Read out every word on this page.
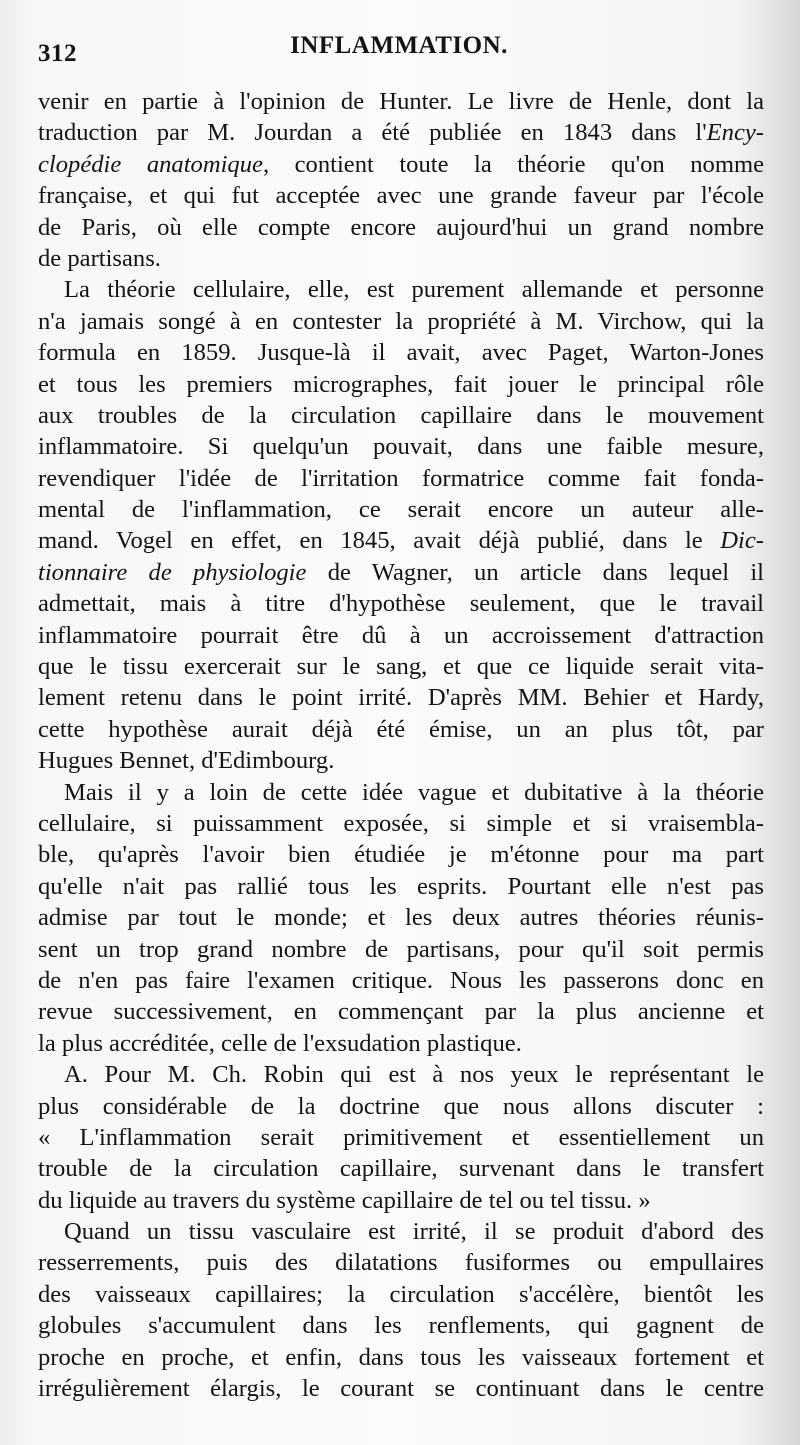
312	INFLAMMATION.
venir en partie à l'opinion de Hunter. Le livre de Henle, dont la
traduction par M. Jourdan a été publiée en 1843 dans l'Ency-
clopédie anatomique, contient toute la théorie qu'on nomme
française, et qui fut acceptée avec une grande faveur par l'école
de Paris, où elle compte encore aujourd'hui un grand nombre
de partisans.
La théorie cellulaire, elle, est purement allemande et personne
n'a jamais songé à en contester la propriété à M. Virchow, qui la
formula en 1859. Jusque-là il avait, avec Paget, Warton-Jones
et tous les premiers micrographes, fait jouer le principal rôle
aux troubles de la circulation capillaire dans le mouvement
inflammatoire. Si quelqu'un pouvait, dans une faible mesure,
revendiquer l'idée de l'irritation formatrice comme fait fonda-
mental de l'inflammation, ce serait encore un auteur alle-
mand. Vogel en effet, en 1845, avait déjà publié, dans le Dic-
tionnaire de physiologie de Wagner, un article dans lequel il
admettait, mais à titre d'hypothèse seulement, que le travail
inflammatoire pourrait être dû à un accroissement d'attraction
que le tissu exercerait sur le sang, et que ce liquide serait vita-
lement retenu dans le point irrité. D'après MM. Behier et Hardy,
cette hypothèse aurait déjà été émise, un an plus tôt, par
Hugues Bennet, d'Edimbourg.
Mais il y a loin de cette idée vague et dubitative à la théorie
cellulaire, si puissamment exposée, si simple et si vraisembla-
ble, qu'après l'avoir bien étudiée je m'étonne pour ma part
qu'elle n'ait pas rallié tous les esprits. Pourtant elle n'est pas
admise par tout le monde; et les deux autres théories réunis-
sent un trop grand nombre de partisans, pour qu'il soit permis
de n'en pas faire l'examen critique. Nous les passerons donc en
revue successivement, en commençant par la plus ancienne et
la plus accréditée, celle de l'exsudation plastique.
A. Pour M. Ch. Robin qui est à nos yeux le représentant le
plus considérable de la doctrine que nous allons discuter :
« L'inflammation serait primitivement et essentiellement un
trouble de la circulation capillaire, survenant dans le transfert
du liquide au travers du système capillaire de tel ou tel tissu. »
Quand un tissu vasculaire est irrité, il se produit d'abord des
resserrements, puis des dilatations fusiformes ou empullaires
des vaisseaux capillaires; la circulation s'accélère, bientôt les
globules s'accumulent dans les renflements, qui gagnent de
proche en proche, et enfin, dans tous les vaisseaux fortement et
irrégulièrement élargis, le courant se continuant dans le centre
